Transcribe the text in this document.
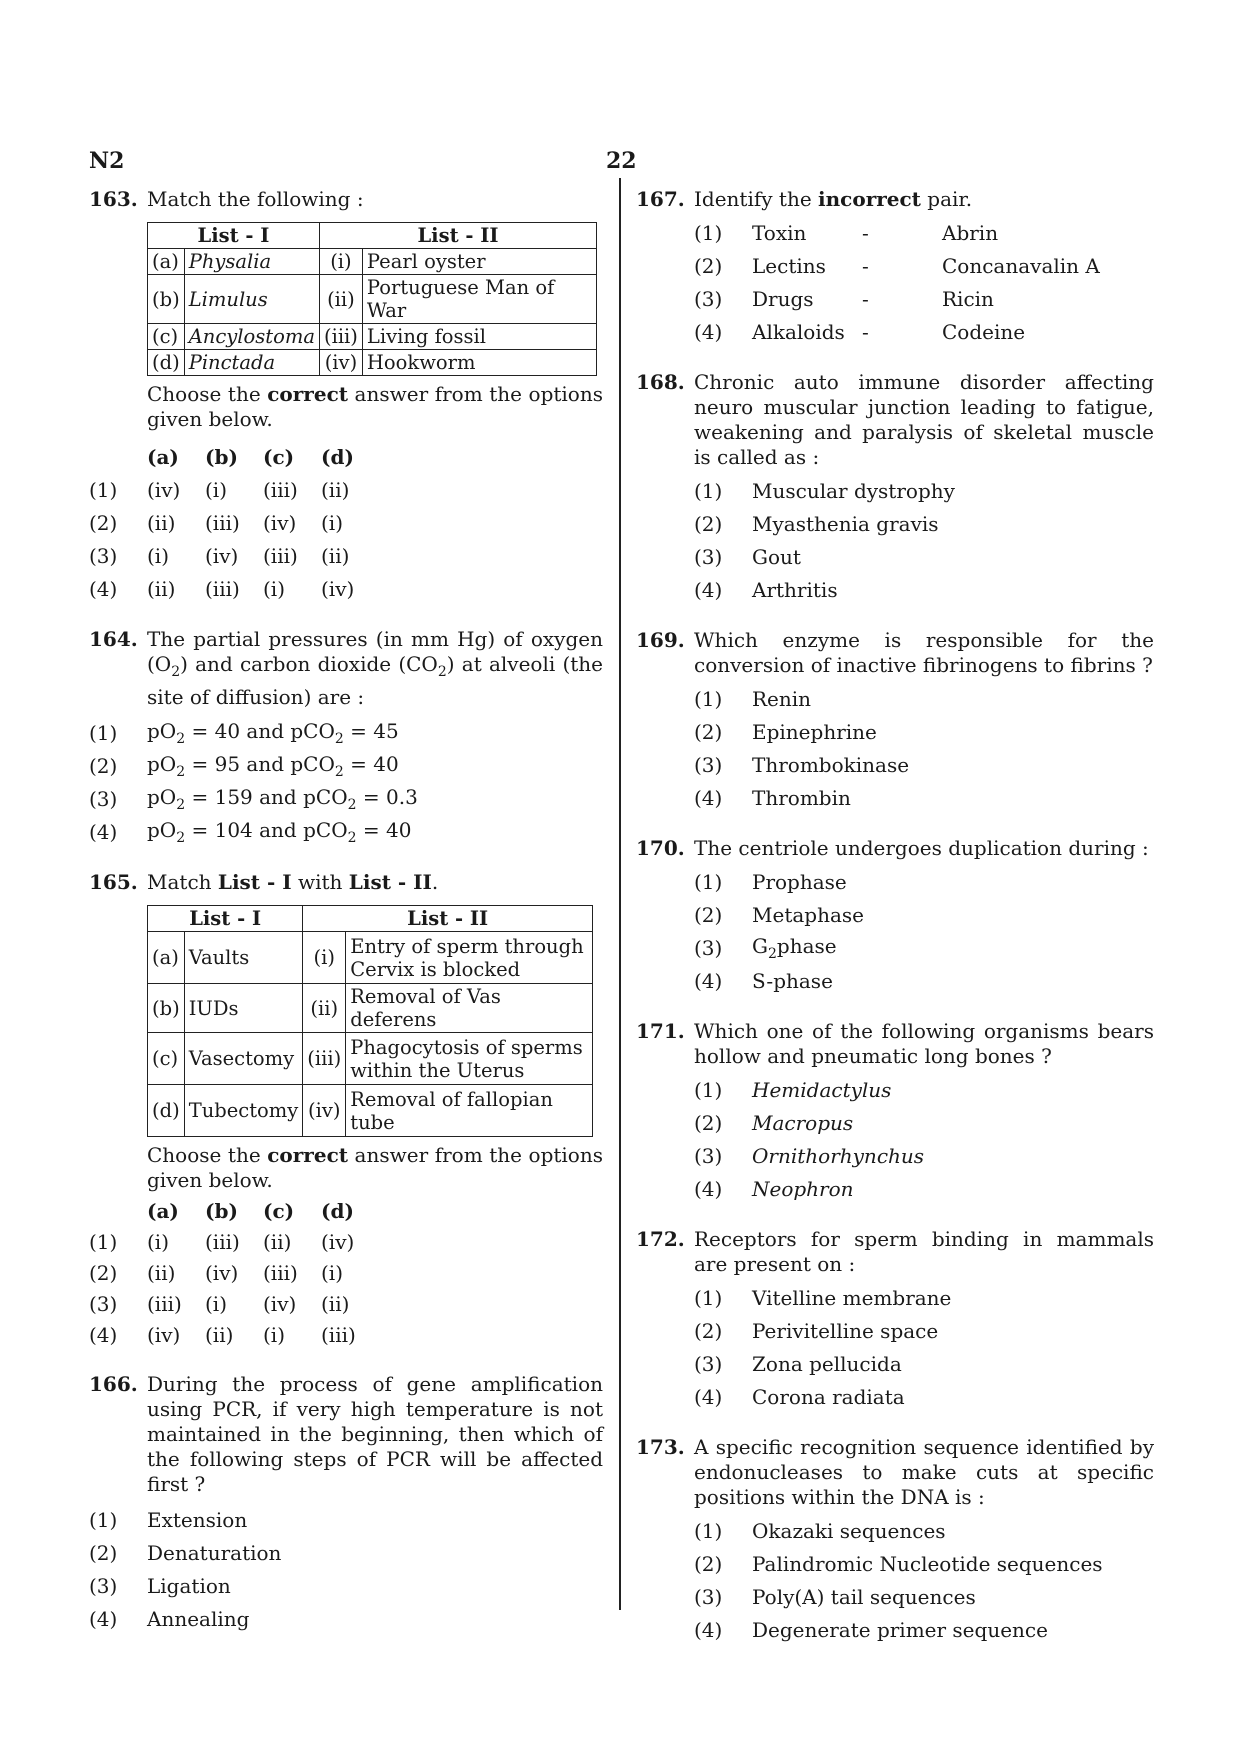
N2	22
163. Match the following :
List - I		List - II	
(a)	Physalia	(i)	Pearl oyster
(b)	Limulus	(ii)	Portuguese Man of War
(c)	Ancylostoma	(iii)	Living fossil
(d)	Pinctada	(iv)	Hookworm
Choose the correct answer from the options given below.
(a)	(b)	(c)	(d)
(1)	(iv)	(i)	(iii)	(ii)
(2)	(ii)	(iii)	(iv)	(i)
(3)	(i)	(iv)	(iii)	(ii)
(4)	(ii)	(iii)	(i)	(iv)
164. The partial pressures (in mm Hg) of oxygen $(O_2)$ and carbon dioxide $(CO_2)$ at alveoli (the site of diffusion) are :
(1)	$pO_2 = 40$ and pCO$_2$ = 45
(2)	$pO_2 = 95$ and pCO$_2$ = 40
(3)	$pO_2 = 159$ and pCO$_2$ = 0.3
(4)	$pO_2 = 104$ and pCO$_2$ = 40
165. Match List - I with List - II.
List - I		List - II	
(a)	Vaults	(i)	Entry of sperm through Cervix is blocked
(b)	IUDs	(ii)	Removal of Vas deferens
(c)	Vasectomy	(iii)	Phagocytosis of sperms within the Uterus
(d)	Tubectomy	(iv)	Removal of fallopian tube
Choose the correct answer from the options given below.
(a)	(b)	(c)	(d)
(1)	(i)	(iii)	(ii)	(iv)
(2)	(ii)	(iv)	(iii)	(i)
(3)	(iii)	(i)	(iv)	(ii)
(4)	(iv)	(ii)	(i)	(iii)
166. During the process of gene amplification using PCR, if very high temperature is not maintained in the beginning, then which of the following steps of PCR will be affected first ?
(1)	Extension
(2)	Denaturation
(3)	Ligation
(4)	Annealing
167. Identify the incorrect pair.
(1)	Toxin	-	Abrin
(2)	Lectins	-	Concanavalin A
(3)	Drugs	-	Ricin
(4)	Alkaloids -	Codeine
168. Chronic auto immune disorder affecting neuro muscular junction leading to fatigue, weakening and paralysis of skeletal muscle is called as :
(1)	Muscular dystrophy
(2)	Myasthenia gravis
(3)	Gout
(4)	Arthritis
169. Which enzyme is responsible for the conversion of inactive fibrinogens to fibrins ?
(1)	Renin
(2)	Epinephrine
(3)	Thrombokinase
(4)	Thrombin
170. The centriole undergoes duplication during :
(1)	Prophase
(2)	Metaphase
(3)	$G_2phase$
(4)	S-phase
171. Which one of the following organisms bears hollow and pneumatic long bones ?
(1)	Hemidactylus
(2)	Macropus
(3)	Ornithorhynchus
(4)	Neophron
172. Receptors for sperm binding in mammals are present on :
(1)	Vitelline membrane
(2)	Perivitelline space
(3)	Zona pellucida
(4)	Corona radiata
173. A specific recognition sequence identified by endonucleases to make cuts at specific positions within the DNA is :
(1)	Okazaki sequences
(2)	Palindromic Nucleotide sequences
(3)	Poly(A) tail sequences
(4)	Degenerate primer sequence
